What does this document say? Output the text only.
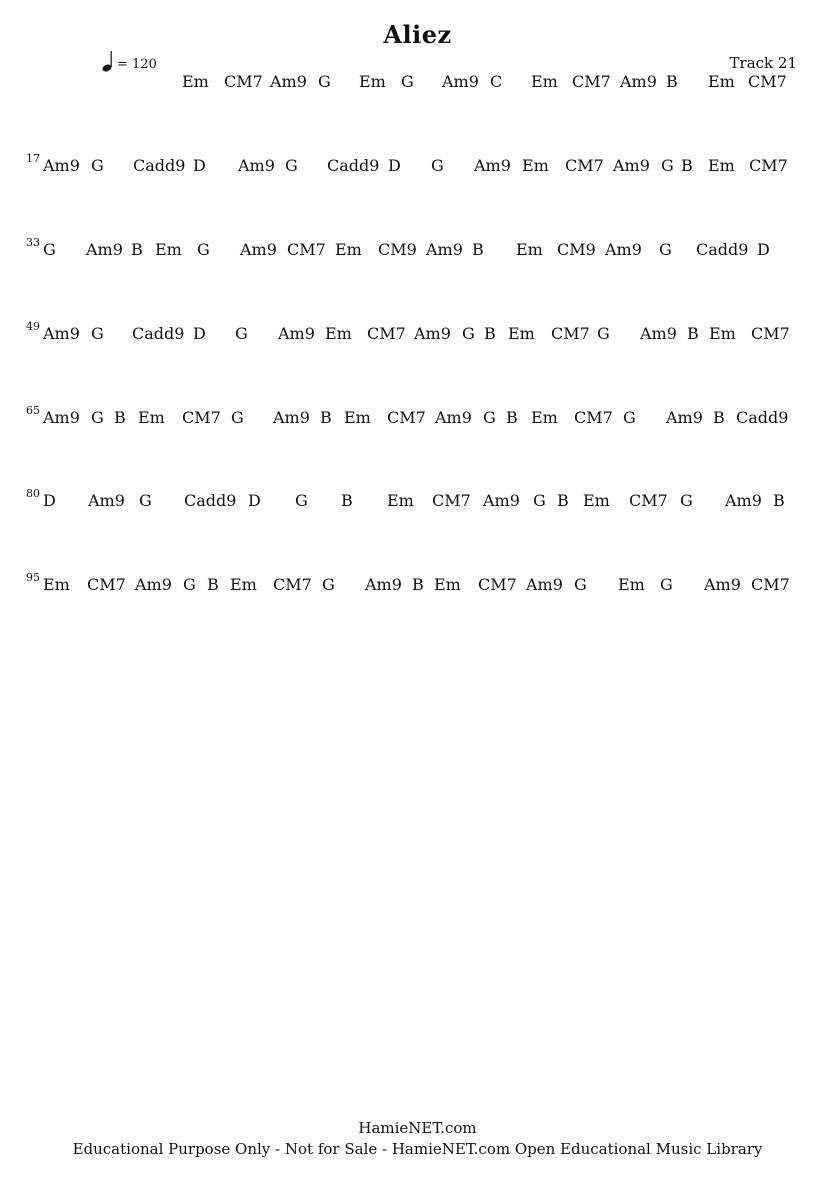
Aliez
= 120	Track 21
Em CM7 Am9 G Em G Am9 C Em CM7 Am9 B Em CM7
17 Am9 G Cadd9 D Am9 G Cadd9 D G Am9 Em CM7 Am9 G B Em CM7
33 G Am9 B Em G Am9 CM7 Em CM9 Am9 B Em CM9 Am9 G Cadd9 D
49 Am9 G Cadd9 D G Am9 Em CM7 Am9 G B Em CM7 G Am9 B Em CM7
65 Am9 G B Em CM7 G Am9 B Em CM7 Am9 G B Em CM7 G Am9 B Cadd9
80 D Am9 G Cadd9 D G B Em CM7 Am9 G B Em CM7 G Am9 B
95 Em CM7 Am9 G B Em CM7 G Am9 B Em CM7 Am9 G Em G Am9 CM7
HamieNET.com
Educational Purpose Only - Not for Sale - HamieNET.com Open Educational Music Library
